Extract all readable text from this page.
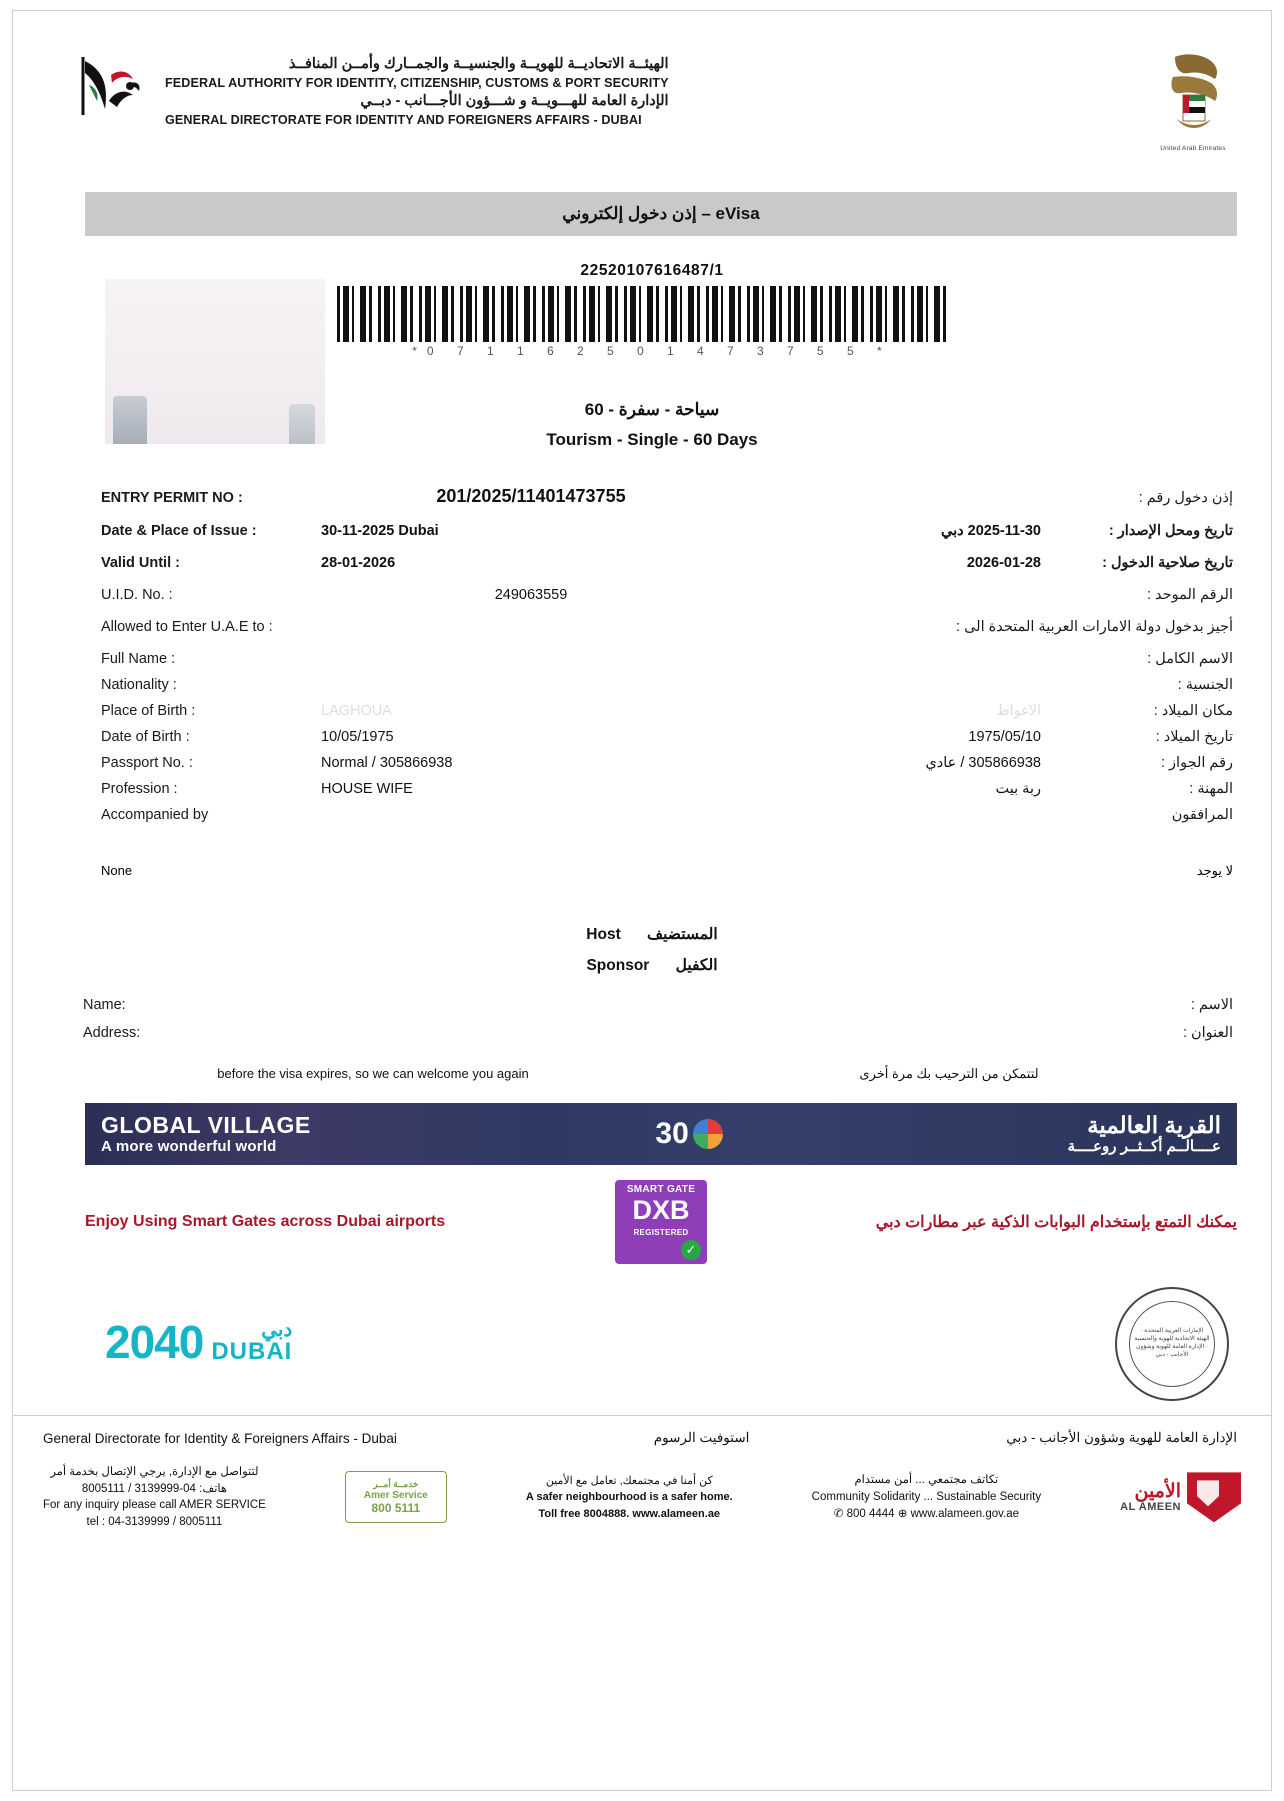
الهيئــة الاتحاديــة للهويــة والجنسيــة والجمــارك وأمــن المنافــذ
FEDERAL AUTHORITY FOR IDENTITY, CITIZENSHIP, CUSTOMS & PORT SECURITY
الإدارة العامة للهـــويــة و شـــؤون الأجـــانب - دبــي
GENERAL DIRECTORATE FOR IDENTITY AND FOREIGNERS AFFAIRS - DUBAI
United Arab Emirates
إذن دخول إلكتروني – eVisa
22520107616487/1
*0 7 1 1 6 2 5 0 1 4 7 3 7 5 5 *
سياحة - سفرة - 60
Tourism - Single - 60 Days
ENTRY PERMIT NO :	201/2025/11401473755	إذن دخول رقم :
Date & Place of Issue :	30-11-2025 Dubai	2025-11-30 دبي	تاريخ ومحل الإصدار :
Valid Until :	28-01-2026	2026-01-28	تاريخ صلاحية الدخول :
U.I.D. No. :	249063559	الرقم الموحد :
Allowed to Enter U.A.E to :	أجيز بدخول دولة الامارات العربية المتحدة الى :
Full Name :	الاسم الكامل :
Nationality :	الجنسية :
Place of Birth :	LAGHOUA	الاغواط	مكان الميلاد :
Date of Birth :	10/05/1975	1975/05/10	تاريخ الميلاد :
Passport No. :	Normal / 305866938	305866938 / عادي	رقم الجواز :
Profession :	HOUSE WIFE	ربة بيت	المهنة :
Accompanied by	المرافقون
None	لا يوجد
Host المستضيف
Sponsor الكفيل
Name:	الاسم :
Address:	العنوان :
before the visa expires, so we can welcome you again	لتتمكن من الترحيب بك مرة أخرى
GLOBAL VILLAGE
A more wonderful world	30	القرية العالمية
عــــالــم أكــثــر روعــــة
Enjoy Using Smart Gates across Dubai airports
SMART GATE
DXB
REGISTERED
✓
يمكنك التمتع بإستخدام البوابات الذكية عبر مطارات دبي
2040	دبي
DUBAI
الإمارات العربية المتحدة · الهيئة الاتحادية للهوية والجنسية · الإدارة العامة للهوية وشؤون الأجانب - دبي
General Directorate for Identity & Foreigners Affairs - Dubai	استوفيت الرسوم	الإدارة العامة للهوية وشؤون الأجانب - دبي
لتتواصل مع الإدارة, يرجي الإتصال بخدمة أمر
هاتف: 04-3139999 / 8005111
For any inquiry please call AMER SERVICE
tel : 04-3139999 / 8005111
خدمــة أمــر
Amer Service
800 5111
كن أمنا في مجتمعك, تعامل مع الأمين
A safer neighbourhood is a safer home.
Toll free 8004888. www.alameen.ae
تكاتف مجتمعي ... أمن مستدام
Community Solidarity ... Sustainable Security
✆ 800 4444 ⊕ www.alameen.gov.ae
الأمين
AL AMEEN
